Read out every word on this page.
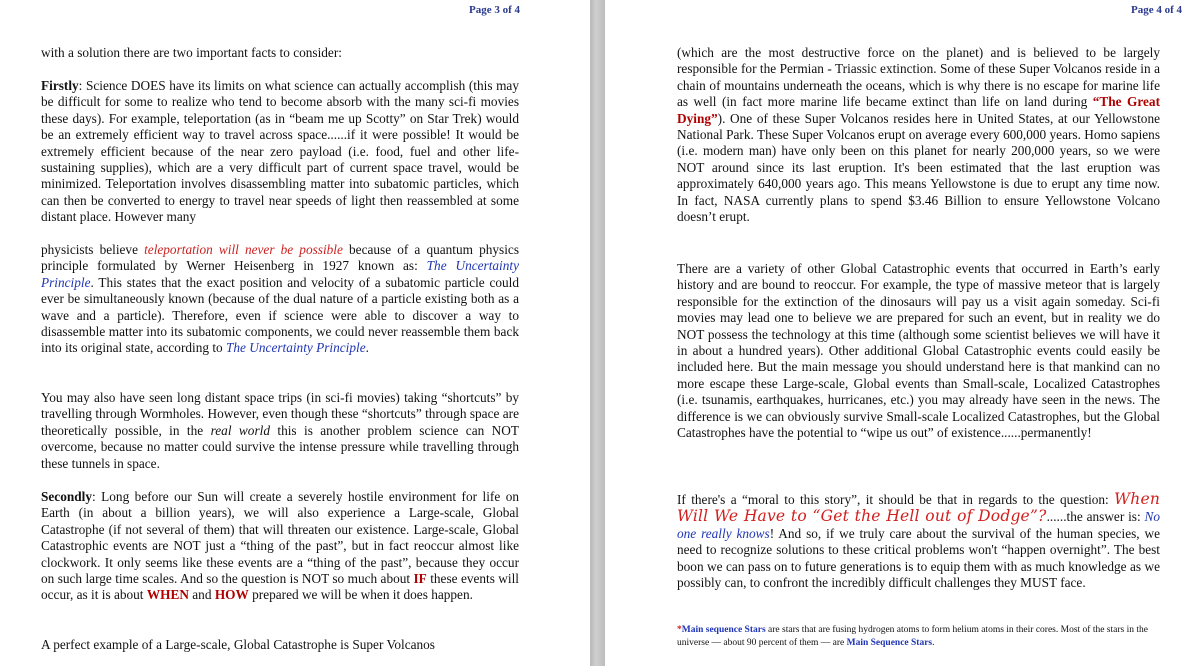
Page 3 of 4
with a solution there are two important facts to consider:
Firstly: Science DOES have its limits on what science can actually accomplish (this may be difficult for some to realize who tend to become absorb with the many sci-fi movies these days). For example, teleportation (as in “beam me up Scotty” on Star Trek) would be an extremely efficient way to travel across space......if it were possible! It would be extremely efficient because of the near zero payload (i.e. food, fuel and other life-sustaining supplies), which are a very difficult part of current space travel, would be minimized. Teleportation involves disassembling matter into subatomic particles, which can then be converted to energy to travel near speeds of light then reassembled at some distant place. However many
physicists believe teleportation will never be possible because of a quantum physics principle formulated by Werner Heisenberg in 1927 known as: The Uncertainty Principle. This states that the exact position and velocity of a subatomic particle could ever be simultaneously known (because of the dual nature of a particle existing both as a wave and a particle). Therefore, even if science were able to discover a way to disassemble matter into its subatomic components, we could never reassemble them back into its original state, according to The Uncertainty Principle.
You may also have seen long distant space trips (in sci-fi movies) taking “shortcuts” by travelling through Wormholes. However, even though these “shortcuts” through space are theoretically possible, in the real world this is another problem science can NOT overcome, because no matter could survive the intense pressure while travelling through these tunnels in space.
Secondly: Long before our Sun will create a severely hostile environment for life on Earth (in about a billion years), we will also experience a Large-scale, Global Catastrophe (if not several of them) that will threaten our existence. Large-scale, Global Catastrophic events are NOT just a “thing of the past”, but in fact reoccur almost like clockwork. It only seems like these events are a “thing of the past”, because they occur on such large time scales. And so the question is NOT so much about IF these events will occur, as it is about WHEN and HOW prepared we will be when it does happen.
A perfect example of a Large-scale, Global Catastrophe is Super Volcanos
Page 4 of 4
(which are the most destructive force on the planet) and is believed to be largely responsible for the Permian - Triassic extinction. Some of these Super Volcanos reside in a chain of mountains underneath the oceans, which is why there is no escape for marine life as well (in fact more marine life became extinct than life on land during “The Great Dying”). One of these Super Volcanos resides here in United States, at our Yellowstone National Park. These Super Volcanos erupt on average every 600,000 years. Homo sapiens (i.e. modern man) have only been on this planet for nearly 200,000 years, so we were NOT around since its last eruption. It's been estimated that the last eruption was approximately 640,000 years ago. This means Yellowstone is due to erupt any time now. In fact, NASA currently plans to spend $3.46 Billion to ensure Yellowstone Volcano doesn’t erupt.
There are a variety of other Global Catastrophic events that occurred in Earth’s early history and are bound to reoccur. For example, the type of massive meteor that is largely responsible for the extinction of the dinosaurs will pay us a visit again someday. Sci-fi movies may lead one to believe we are prepared for such an event, but in reality we do NOT possess the technology at this time (although some scientist believes we will have it in about a hundred years). Other additional Global Catastrophic events could easily be included here. But the main message you should understand here is that mankind can no more escape these Large-scale, Global events than Small-scale, Localized Catastrophes (i.e. tsunamis, earthquakes, hurricanes, etc.) you may already have seen in the news. The difference is we can obviously survive Small-scale Localized Catastrophes, but the Global Catastrophes have the potential to “wipe us out” of existence......permanently!
If there's a “moral to this story”, it should be that in regards to the question: When Will We Have to “Get the Hell out of Dodge”?......the answer is: No one really knows! And so, if we truly care about the survival of the human species, we need to recognize solutions to these critical problems won't “happen overnight”. The best boon we can pass on to future generations is to equip them with as much knowledge as we possibly can, to confront the incredibly difficult challenges they MUST face.
*Main sequence Stars are stars that are fusing hydrogen atoms to form helium atoms in their cores. Most of the stars in the universe — about 90 percent of them — are Main Sequence Stars.
